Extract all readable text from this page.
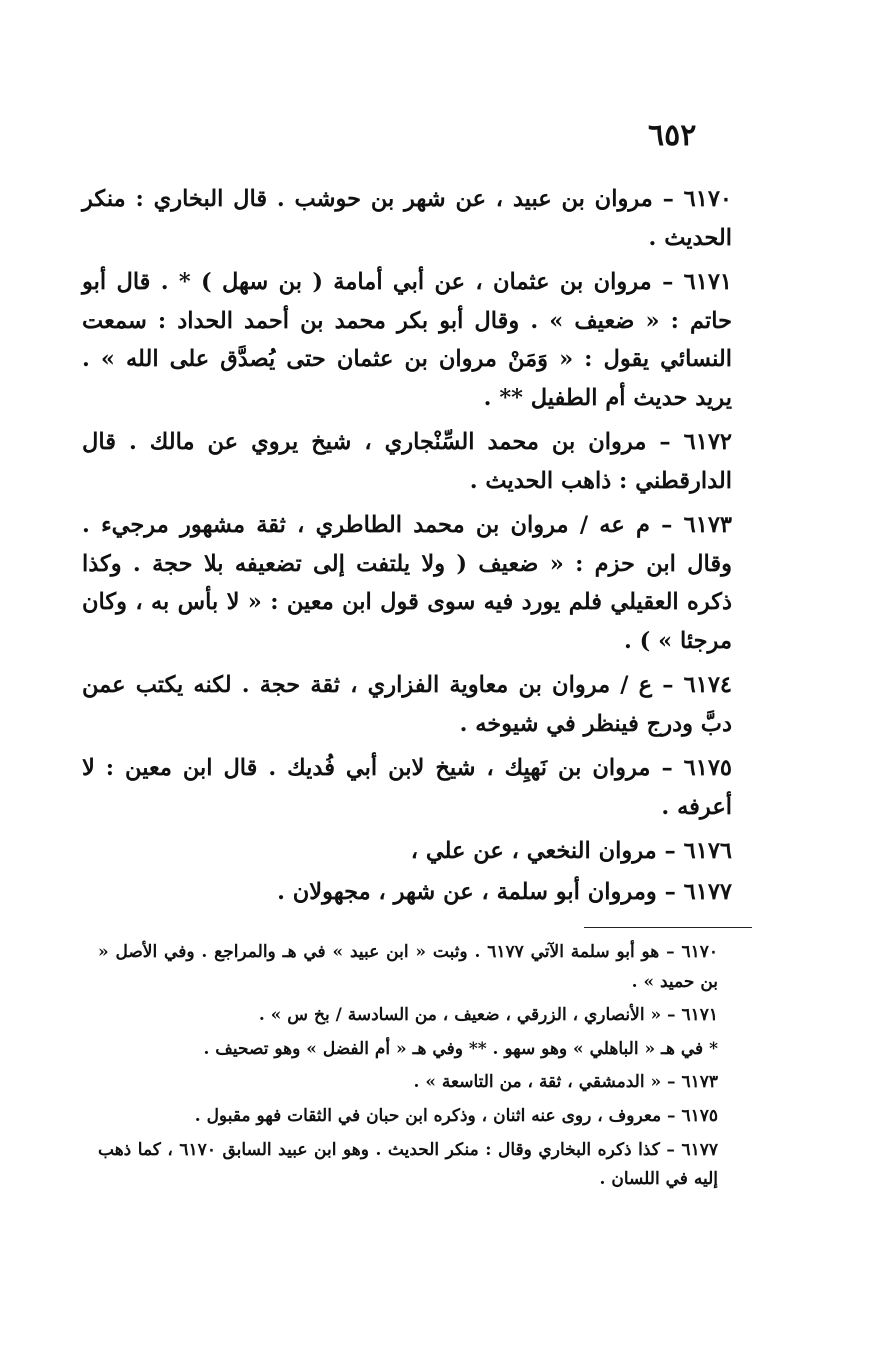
٦٥٢

٦١٧٠ – مروان بن عبيد ، عن شهر بن حوشب . قال البخاري : منكر الحديث .

٦١٧١ – مروان بن عثمان ، عن أبي أمامة ( بن سهل ) * . قال أبو حاتم : « ضعيف » . وقال أبو بكر محمد بن أحمد الحداد : سمعت النسائي يقول : « وَمَنْ مروان بن عثمان حتى يُصدَّق على الله » . يريد حديث أم الطفيل ** .

٦١٧٢ – مروان بن محمد السِّنْجاري ، شيخ يروي عن مالك . قال الدارقطني : ذاهب الحديث .

٦١٧٣ – م عه / مروان بن محمد الطاطري ، ثقة مشهور مرجيء . وقال ابن حزم : « ضعيف ( ولا يلتفت إلى تضعيفه بلا حجة . وكذا ذكره العقيلي فلم يورد فيه سوى قول ابن معين : « لا بأس به ، وكان مرجئا » ) .

٦١٧٤ – ع / مروان بن معاوية الفزاري ، ثقة حجة . لكنه يكتب عمن دبَّ ودرج فينظر في شيوخه .

٦١٧٥ – مروان بن نَهيِك ، شيخ لابن أبي فُديك . قال ابن معين : لا أعرفه .

٦١٧٦ – مروان النخعي ، عن علي ،

٦١٧٧ – ومروان أبو سلمة ، عن شهر ، مجهولان .

٦١٧٠ – هو أبو سلمة الآتي ٦١٧٧ . وثبت « ابن عبيد » في هـ والمراجع . وفي الأصل « بن حميد » .

٦١٧١ – « الأنصاري ، الزرقي ، ضعيف ، من السادسة / بخ س » .

* في هـ « الباهلي » وهو سهو . ** وفي هـ « أم الفضل » وهو تصحيف .

٦١٧٣ – « الدمشقي ، ثقة ، من التاسعة » .

٦١٧٥ – معروف ، روى عنه اثنان ، وذكره ابن حبان في الثقات فهو مقبول .

٦١٧٧ – كذا ذكره البخاري وقال : منكر الحديث . وهو ابن عبيد السابق ٦١٧٠ ، كما ذهب إليه في اللسان .
